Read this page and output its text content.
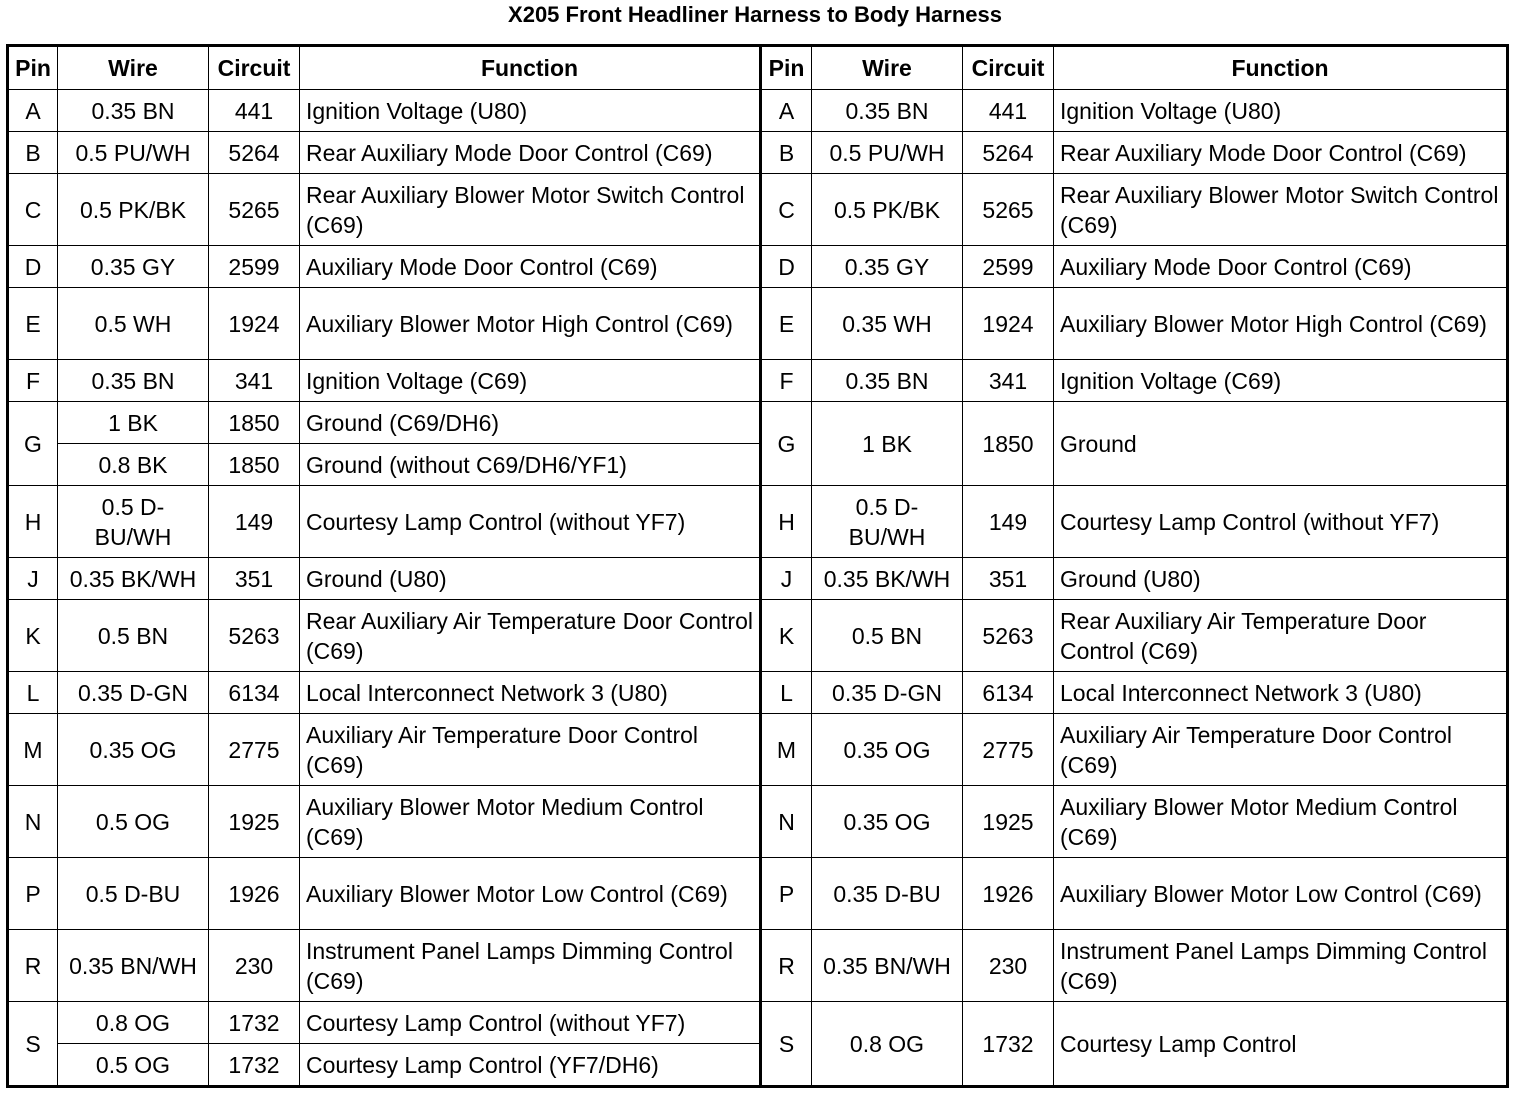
X205 Front Headliner Harness to Body Harness
Pin	Wire	Circuit	Function	Pin	Wire	Circuit	Function
A	0.35 BN	441	Ignition Voltage (U80)	A	0.35 BN	441	Ignition Voltage (U80)
B	0.5 PU/WH	5264	Rear Auxiliary Mode Door Control (C69)	B	0.5 PU/WH	5264	Rear Auxiliary Mode Door Control (C69)
C	0.5 PK/BK	5265	Rear Auxiliary Blower Motor Switch Control (C69)	C	0.5 PK/BK	5265	Rear Auxiliary Blower Motor Switch Control (C69)
D	0.35 GY	2599	Auxiliary Mode Door Control (C69)	D	0.35 GY	2599	Auxiliary Mode Door Control (C69)
E	0.5 WH	1924	Auxiliary Blower Motor High Control (C69)	E	0.35 WH	1924	Auxiliary Blower Motor High Control (C69)
F	0.35 BN	341	Ignition Voltage (C69)	F	0.35 BN	341	Ignition Voltage (C69)
G	1 BK	1850	Ground (C69/DH6)	G	1 BK	1850	Ground
	0.8 BK	1850	Ground (without C69/DH6/YF1)				
H	0.5 D-BU/WH	149	Courtesy Lamp Control (without YF7)	H	0.5 D-BU/WH	149	Courtesy Lamp Control (without YF7)
J	0.35 BK/WH	351	Ground (U80)	J	0.35 BK/WH	351	Ground (U80)
K	0.5 BN	5263	Rear Auxiliary Air Temperature Door Control (C69)	K	0.5 BN	5263	Rear Auxiliary Air Temperature Door Control (C69)
L	0.35 D-GN	6134	Local Interconnect Network 3 (U80)	L	0.35 D-GN	6134	Local Interconnect Network 3 (U80)
M	0.35 OG	2775	Auxiliary Air Temperature Door Control (C69)	M	0.35 OG	2775	Auxiliary Air Temperature Door Control (C69)
N	0.5 OG	1925	Auxiliary Blower Motor Medium Control (C69)	N	0.35 OG	1925	Auxiliary Blower Motor Medium Control (C69)
P	0.5 D-BU	1926	Auxiliary Blower Motor Low Control (C69)	P	0.35 D-BU	1926	Auxiliary Blower Motor Low Control (C69)
R	0.35 BN/WH	230	Instrument Panel Lamps Dimming Control (C69)	R	0.35 BN/WH	230	Instrument Panel Lamps Dimming Control (C69)
S	0.8 OG	1732	Courtesy Lamp Control (without YF7)	S	0.8 OG	1732	Courtesy Lamp Control
	0.5 OG	1732	Courtesy Lamp Control (YF7/DH6)				
